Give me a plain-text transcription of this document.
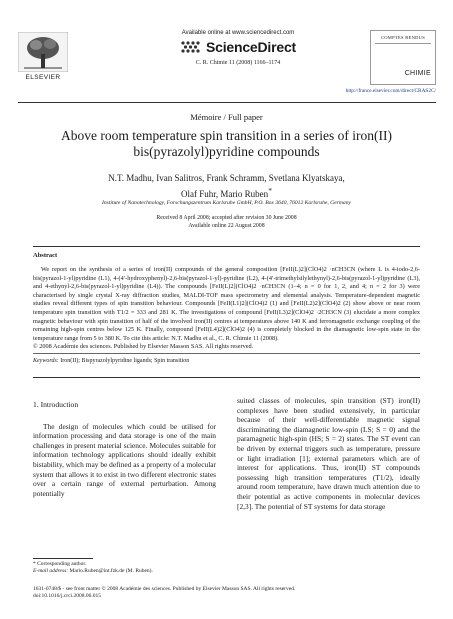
ELSEVIER
Available online at www.sciencedirect.com
ScienceDirect
C. R. Chimie 11 (2008) 1166–1174
COMPTES RENDUS
CHIMIE
http://france.elsevier.com/direct/CRAS2C/
Mémoire / Full paper
Above room temperature spin transition in a series of iron(II) bis(pyrazolyl)pyridine compounds
N.T. Madhu, Ivan Salitros, Frank Schramm, Svetlana Klyatskaya,
Olaf Fuhr, Mario Ruben*
Institute of Nanotechnology, Forschungszentrum Karlsruhe GmbH, P.O. Box 3640, 76012 Karlsruhe, Germany
Received 8 April 2008; accepted after revision 30 June 2008
Available online 22 August 2008
Abstract

We report on the synthesis of a series of iron(II) compounds of the general composition [FeII(L)2](ClO4)2 ·nCH3CN (where L is 4-iodo-2,6-bis(pyrazol-1-yl)pyridine (L1), 4-(4′-hydroxyphenyl)-2,6-bis(pyrazol-1-yl)-pyridine (L2), 4-(4′-trimethylsilylethynyl)-2,6-bis(pyrazol-1-yl)pyridine (L3), and 4-ethynyl-2,6-bis(pyrazol-1-yl)pyridine (L4)). The compounds [FeII(L)2](ClO4)2 ·nCH3CN (1–4; n = 0 for 1, 2, and 4; n = 2 for 3) were characterised by single crystal X-ray diffraction studies, MALDI-TOF mass spectrometry and elemental analysis. Temperature-dependent magnetic studies reveal different types of spin transition behaviour. Compounds [FeII(L1)2](ClO4)2 (1) and [FeII(L2)2](ClO4)2 (2) show above or near room temperature spin transition with T1/2 = 333 and 281 K. The investigations of compound [FeII(L3)2](ClO4)2 ·2CH3CN (3) elucidate a more complex magnetic behaviour with spin transition of half of the involved iron(II) centres at temperatures above 140 K and ferromagnetic exchange coupling of the remaining high-spin centres below 125 K. Finally, compound [FeII(L4)2](ClO4)2 (4) is completely blocked in the diamagnetic low-spin state in the temperature range from 5 to 380 K. To cite this article: N.T. Madhu et al., C. R. Chimie 11 (2008).

© 2008 Académie des sciences. Published by Elsevier Masson SAS. All rights reserved.

Keywords: Iron(II); Bispyrazolylpyridine ligands; Spin transition
1. Introduction

The design of molecules which could be utilised for information processing and data storage is one of the main challenges in present material science. Molecules suitable for information technology applications should ideally exhibit bistability, which may be defined as a property of a molecular system that allows it to exist in two different electronic states over a certain range of external perturbation. Among potentially

suited classes of molecules, spin transition (ST) iron(II) complexes have been studied extensively, in particular because of their well-differentiable magnetic signal discriminating the diamagnetic low-spin (LS; S = 0) and the paramagnetic high-spin (HS; S = 2) states. The ST event can be driven by external triggers such as temperature, pressure or light irradiation [1]; external parameters which are of interest for applications. Thus, iron(II) ST compounds possessing high transition temperatures (T1/2), ideally around room temperature, have drawn much attention due to their potential as active components in molecular devices [2,3]. The potential of ST systems for data storage

* Corresponding author.
E-mail address: Mario.Ruben@int.fzk.de (M. Ruben).
1631-0748/$ - see front matter © 2008 Académie des sciences. Published by Elsevier Masson SAS. All rights reserved.
doi:10.1016/j.crci.2008.06.015
